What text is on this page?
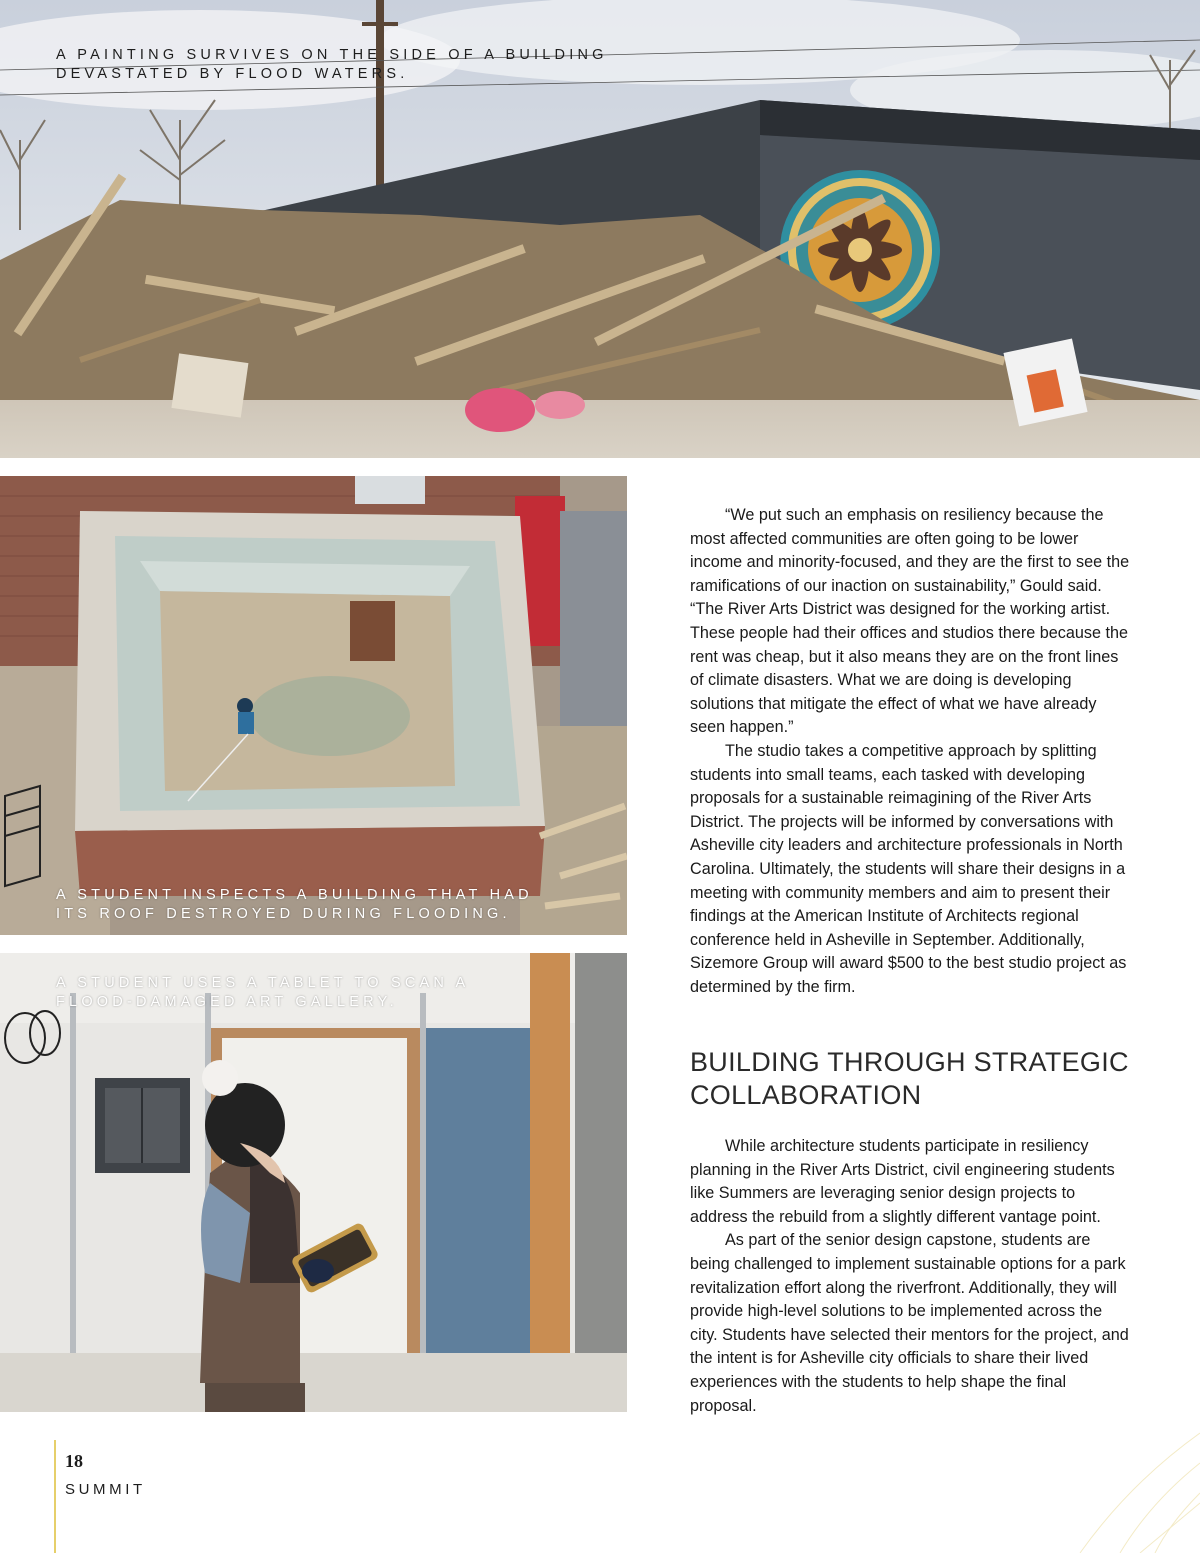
A PAINTING SURVIVES ON THE SIDE OF A BUILDING DEVASTATED BY FLOOD WATERS.
A STUDENT INSPECTS A BUILDING THAT HAD ITS ROOF DESTROYED DURING FLOODING.
A STUDENT USES A TABLET TO SCAN A FLOOD-DAMAGED ART GALLERY.

“We put such an emphasis on resiliency because the most affected communities are often going to be lower income and minority-focused, and they are the first to see the ramifications of our inaction on sustainability,” Gould said. “The River Arts District was designed for the working artist. These people had their offices and studios there because the rent was cheap, but it also means they are on the front lines of climate disasters. What we are doing is developing solutions that mitigate the effect of what we have already seen happen.”

The studio takes a competitive approach by splitting students into small teams, each tasked with developing proposals for a sustainable reimagining of the River Arts District. The projects will be informed by conversations with Asheville city leaders and architecture professionals in North Carolina. Ultimately, the students will share their designs in a meeting with community members and aim to present their findings at the American Institute of Architects regional conference held in Asheville in September. Additionally, Sizemore Group will award $500 to the best studio project as determined by the firm.

BUILDING THROUGH STRATEGIC COLLABORATION

While architecture students participate in resiliency planning in the River Arts District, civil engineering students like Summers are leveraging senior design projects to address the rebuild from a slightly different vantage point.

As part of the senior design capstone, students are being challenged to implement sustainable options for a park revitalization effort along the riverfront. Additionally, they will provide high-level solutions to be implemented across the city. Students have selected their mentors for the project, and the intent is for Asheville city officials to share their lived experiences with the students to help shape the final proposal.

18
SUMMIT
